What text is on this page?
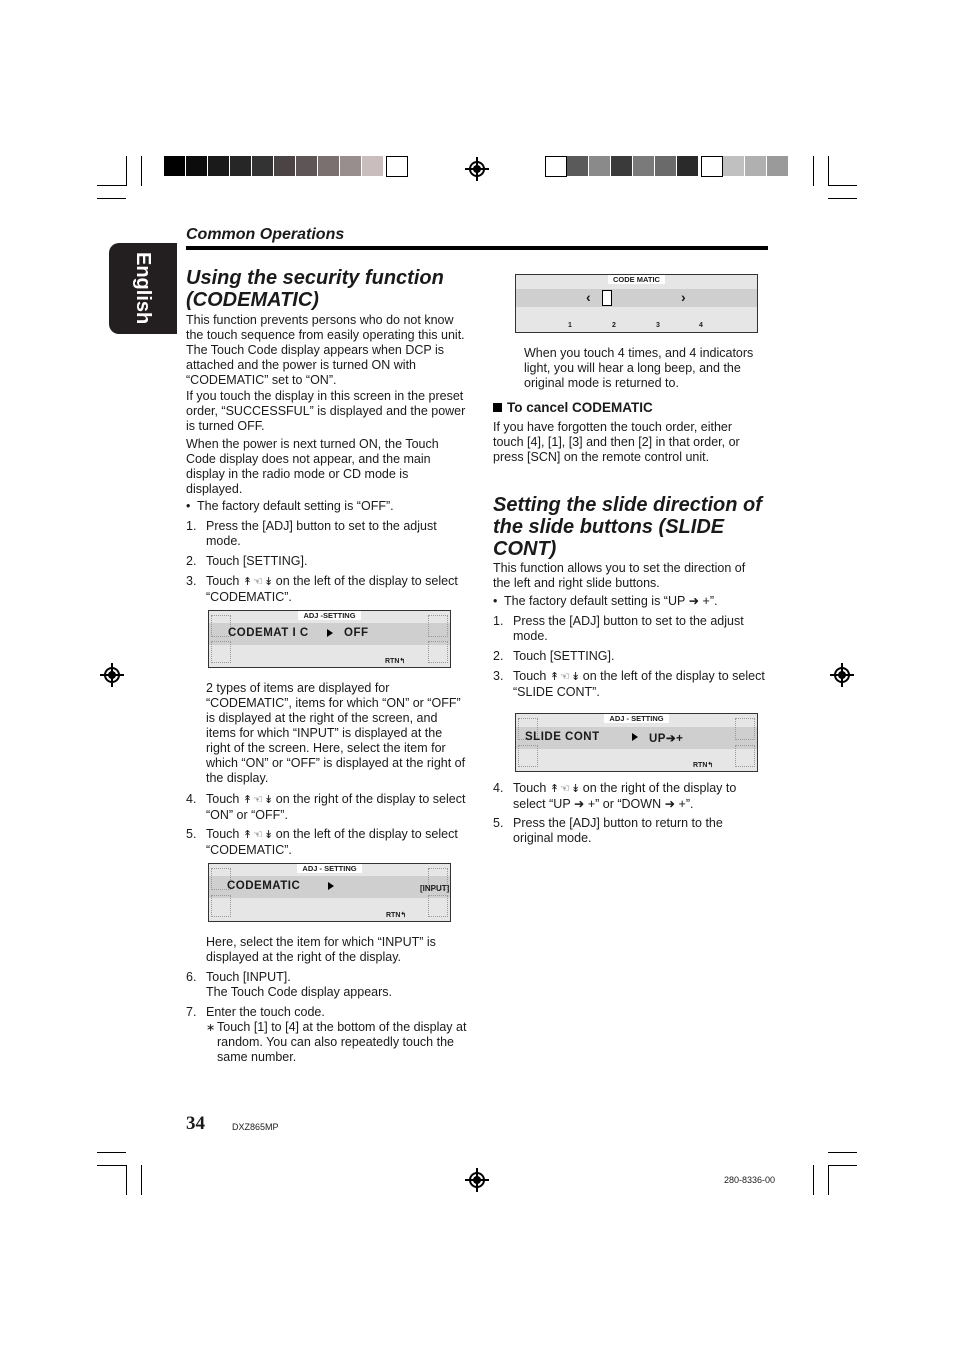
English
Common Operations
Using the security function (CODEMATIC)

This function prevents persons who do not know the touch sequence from easily operating this unit. The Touch Code display appears when DCP is attached and the power is turned ON with “CODEMATIC” set to “ON”.

If you touch the display in this screen in the preset order, “SUCCESSFUL” is displayed and the power is turned OFF.

When the power is next turned ON, the Touch Code display does not appear, and the main display in the radio mode or CD mode is displayed.

• The factory default setting is “OFF”.

1. Press the [ADJ] button to set to the adjust mode.

2. Touch [SETTING].

3. Touch ↟ ☜ ↡ on the left of the display to select “CODEMATIC”.

ADJ -SETTING
CODEMAT I C	OFF
RTN↰

2 types of items are displayed for “CODEMATIC”, items for which “ON” or “OFF” is displayed at the right of the screen, and items for which “INPUT” is displayed at the right of the screen. Here, select the item for which “ON” or “OFF” is displayed at the right of the display.

4. Touch ↟ ☜ ↡ on the right of the display to select “ON” or “OFF”.

5. Touch ↟ ☜ ↡ on the left of the display to select “CODEMATIC”.

ADJ - SETTING
CODEMATIC	[INPUT]
RTN↰

Here, select the item for which “INPUT” is displayed at the right of the display.

6. Touch [INPUT].

The Touch Code display appears.

7. Enter the touch code.

∗ Touch [1] to [4] at the bottom of the display at random. You can also repeatedly touch the same number.

CODE MATIC
‹	›
1	2	3	4

When you touch 4 times, and 4 indicators light, you will hear a long beep, and the original mode is returned to.

To cancel CODEMATIC

If you have forgotten the touch order, either touch [4], [1], [3] and then [2] in that order, or press [SCN] on the remote control unit.

Setting the slide direction of the slide buttons (SLIDE CONT)

This function allows you to set the direction of the left and right slide buttons.

• The factory default setting is “UP ➜ +”.

1. Press the [ADJ] button to set to the adjust mode.

2. Touch [SETTING].

3. Touch ↟ ☜ ↡ on the left of the display to select “SLIDE CONT”.

ADJ - SETTING
SLIDE CONT	UP➔+
RTN↰
4. Touch ↟ ☜ ↡ on the right of the display to select “UP ➜ +” or “DOWN ➜ +”.

5. Press the [ADJ] button to return to the original mode.

34	DXZ865MP
280-8336-00
